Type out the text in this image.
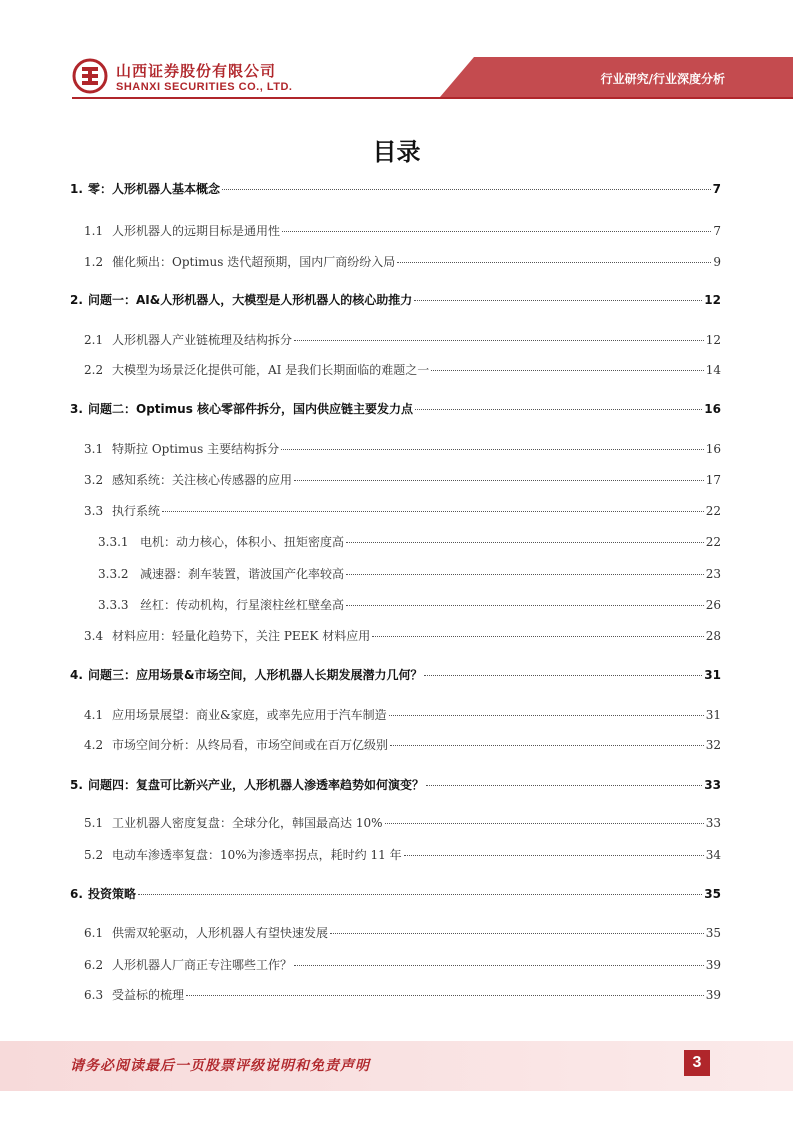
山西证券股份有限公司
SHANXI SECURITIES CO., LTD.
行业研究/行业深度分析
目录
1. 零：人形机器人基本概念	7
1.1 人形机器人的远期目标是通用性	7
1.2 催化频出：Optimus 迭代超预期，国内厂商纷纷入局	9
2. 问题一：AI&人形机器人，大模型是人形机器人的核心助推力	12
2.1 人形机器人产业链梳理及结构拆分	12
2.2 大模型为场景泛化提供可能，AI 是我们长期面临的难题之一	14
3. 问题二：Optimus 核心零部件拆分，国内供应链主要发力点	16
3.1 特斯拉 Optimus 主要结构拆分	16
3.2 感知系统：关注核心传感器的应用	17
3.3 执行系统	22
3.3.1 电机：动力核心，体积小、扭矩密度高	22
3.3.2 减速器：刹车装置，谐波国产化率较高	23
3.3.3 丝杠：传动机构，行星滚柱丝杠壁垒高	26
3.4 材料应用：轻量化趋势下，关注 PEEK 材料应用	28
4. 问题三：应用场景&市场空间，人形机器人长期发展潜力几何？	31
4.1 应用场景展望：商业&家庭，或率先应用于汽车制造	31
4.2 市场空间分析：从终局看，市场空间或在百万亿级别	32
5. 问题四：复盘可比新兴产业，人形机器人渗透率趋势如何演变？	33
5.1 工业机器人密度复盘：全球分化，韩国最高达 10%	33
5.2 电动车渗透率复盘：10%为渗透率拐点，耗时约 11 年	34
6. 投资策略	35
6.1 供需双轮驱动，人形机器人有望快速发展	35
6.2 人形机器人厂商正专注哪些工作？	39
6.3 受益标的梳理	39
请务必阅读最后一页股票评级说明和免责声明	3
